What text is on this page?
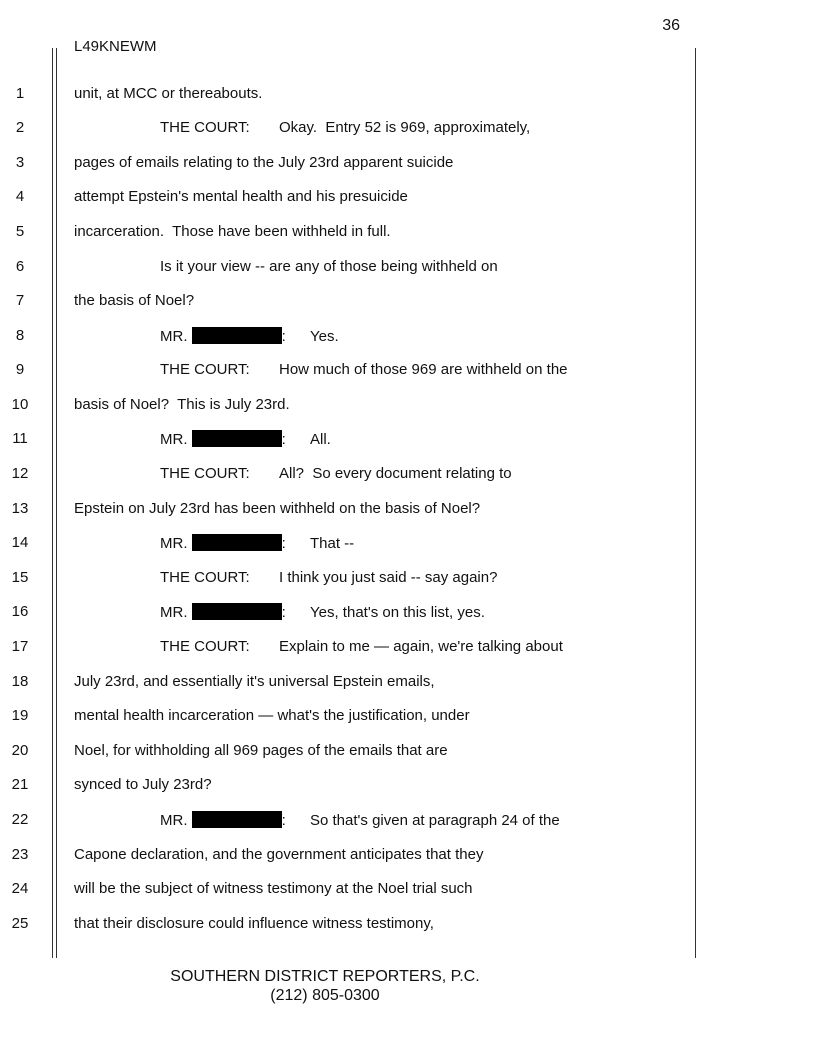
36
L49KNEWM
1	unit, at MCC or thereabouts.
2	THE COURT: Okay.  Entry 52 is 969, approximately,
3	pages of emails relating to the July 23rd apparent suicide
4	attempt Epstein's mental health and his presuicide
5	incarceration.  Those have been withheld in full.
6	Is it your view -- are any of those being withheld on
7	the basis of Noel?
8	MR.	: Yes.
9	THE COURT: How much of those 969 are withheld on the
10	basis of Noel?  This is July 23rd.
11	MR.	: All.
12	THE COURT: All?  So every document relating to
13	Epstein on July 23rd has been withheld on the basis of Noel?
14	MR.	: That --
15	THE COURT: I think you just said -- say again?
16	MR.	: Yes, that's on this list, yes.
17	THE COURT: Explain to me — again, we're talking about
18	July 23rd, and essentially it's universal Epstein emails,
19	mental health incarceration — what's the justification, under
20	Noel, for withholding all 969 pages of the emails that are
21	synced to July 23rd?
22	MR.	: So that's given at paragraph 24 of the
23	Capone declaration, and the government anticipates that they
24	will be the subject of witness testimony at the Noel trial such
25	that their disclosure could influence witness testimony,
SOUTHERN DISTRICT REPORTERS, P.C.
(212) 805-0300
